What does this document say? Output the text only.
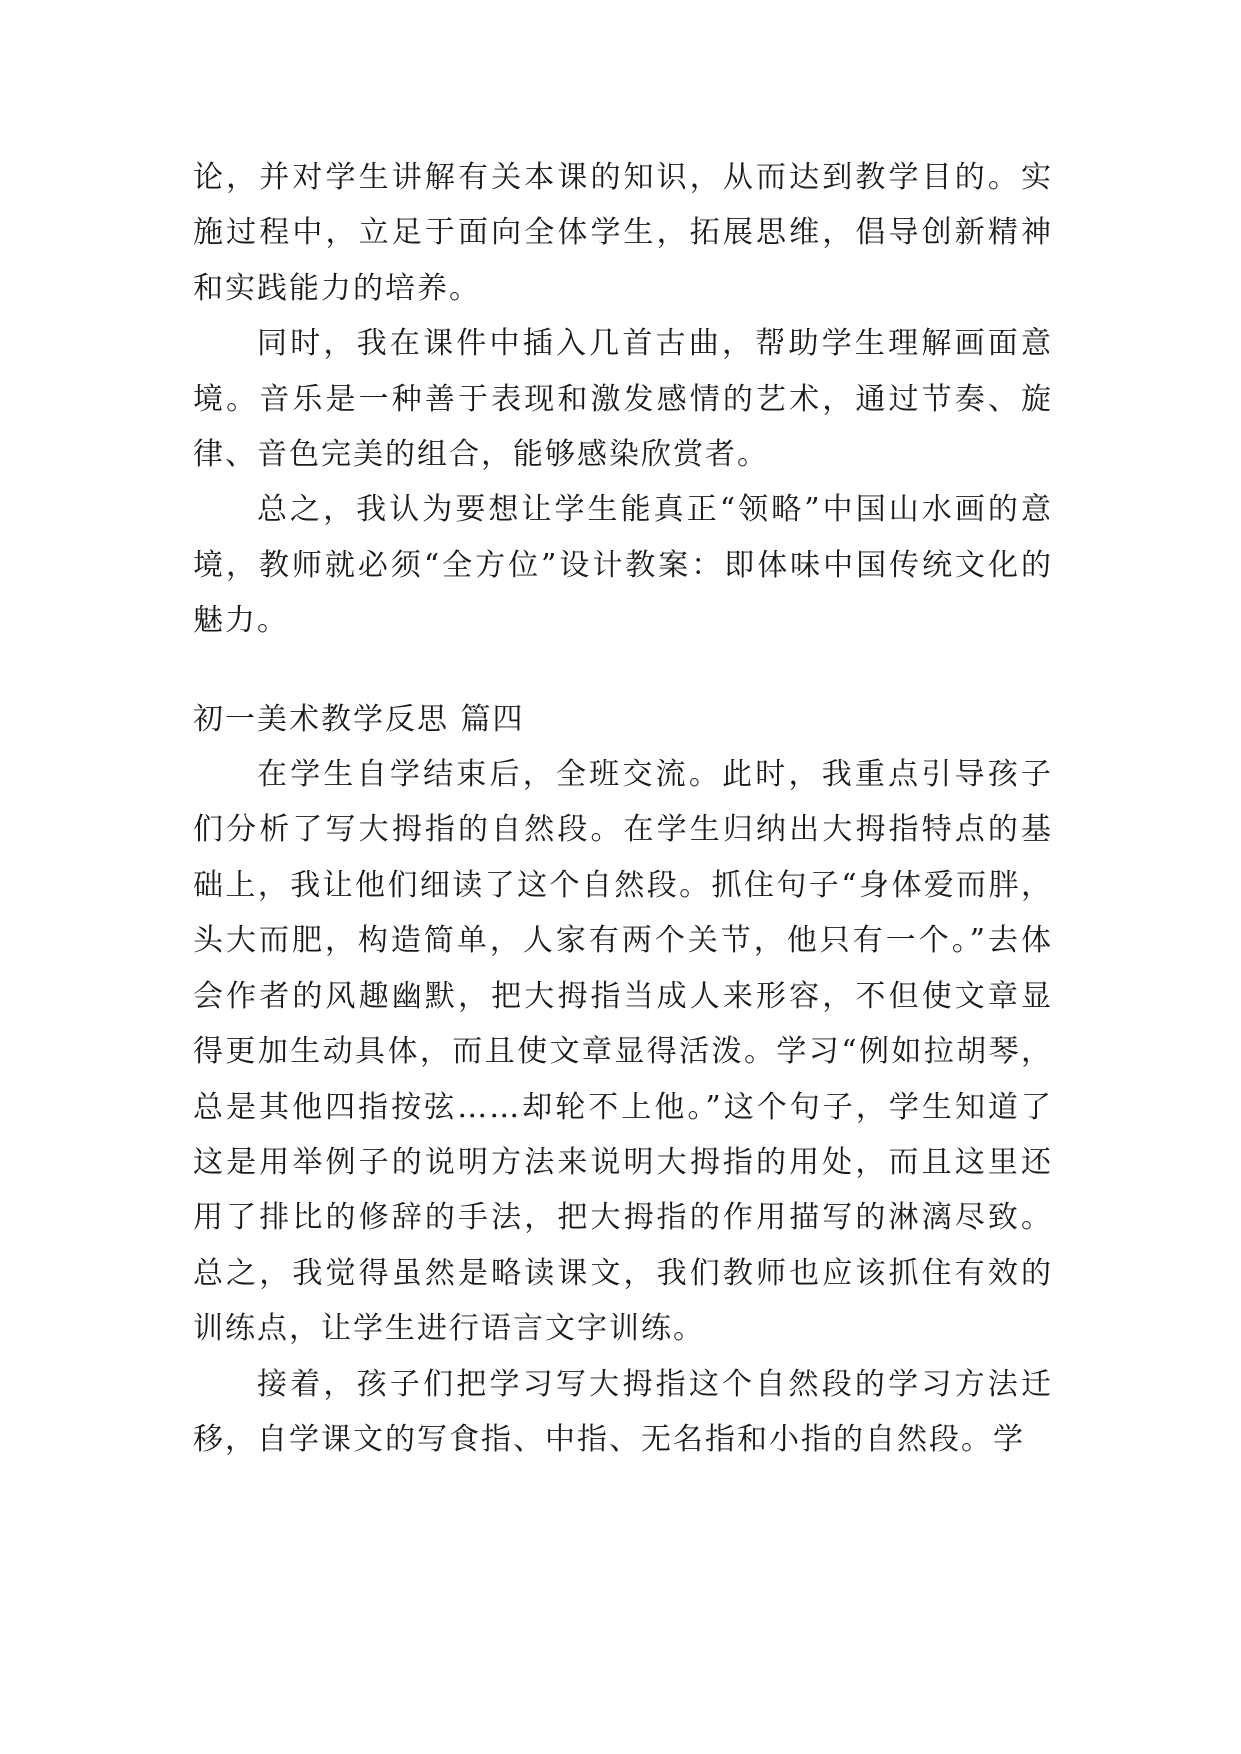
论，并对学生讲解有关本课的知识，从而达到教学目的。实施过程中，立足于面向全体学生，拓展思维，倡导创新精神和实践能力的培养。

同时，我在课件中插入几首古曲，帮助学生理解画面意境。音乐是一种善于表现和激发感情的艺术，通过节奏、旋律、音色完美的组合，能够感染欣赏者。

总之，我认为要想让学生能真正“领略”中国山水画的意境，教师就必须“全方位”设计教案：即体味中国传统文化的魅力。

初一美术教学反思 篇四

在学生自学结束后，全班交流。此时，我重点引导孩子们分析了写大拇指的自然段。在学生归纳出大拇指特点的基础上，我让他们细读了这个自然段。抓住句子“身体爱而胖，头大而肥，构造简单，人家有两个关节，他只有一个。”去体会作者的风趣幽默，把大拇指当成人来形容，不但使文章显得更加生动具体，而且使文章显得活泼。学习“例如拉胡琴，总是其他四指按弦……却轮不上他。”这个句子，学生知道了这是用举例子的说明方法来说明大拇指的用处，而且这里还用了排比的修辞的手法，把大拇指的作用描写的淋漓尽致。总之，我觉得虽然是略读课文，我们教师也应该抓住有效的训练点，让学生进行语言文字训练。

接着，孩子们把学习写大拇指这个自然段的学习方法迁移，自学课文的写食指、中指、无名指和小指的自然段。学
